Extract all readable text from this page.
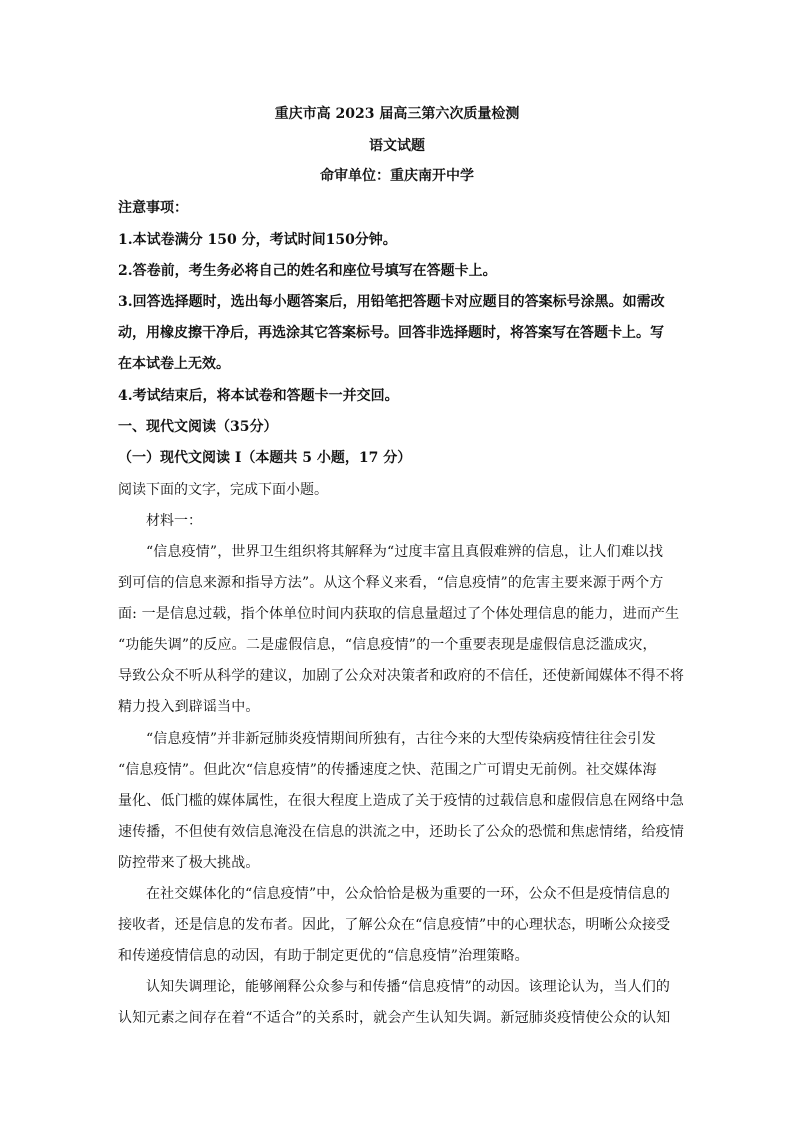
重庆市高 2023 届高三第六次质量检测
语文试题
命审单位：重庆南开中学
注意事项：
1.本试卷满分 150 分，考试时间150分钟。
2.答卷前，考生务必将自己的姓名和座位号填写在答题卡上。
3.回答选择题时，选出每小题答案后，用铅笔把答题卡对应题目的答案标号涂黑。如需改
动，用橡皮擦干净后，再选涂其它答案标号。回答非选择题时，将答案写在答题卡上。写
在本试卷上无效。
4.考试结束后，将本试卷和答题卡一并交回。
一、现代文阅读（35分）
（一）现代文阅读 I（本题共 5 小题，17 分）
阅读下面的文字，完成下面小题。
材料一：
“信息疫情”，世界卫生组织将其解释为“过度丰富且真假难辨的信息，让人们难以找
到可信的信息来源和指导方法”。从这个释义来看，“信息疫情”的危害主要来源于两个方
面: 一是信息过载，指个体单位时间内获取的信息量超过了个体处理信息的能力，进而产生
“功能失调”的反应。二是虚假信息，“信息疫情”的一个重要表现是虚假信息泛滥成灾，
导致公众不听从科学的建议，加剧了公众对决策者和政府的不信任，还使新闻媒体不得不将
精力投入到辟谣当中。
“信息疫情”并非新冠肺炎疫情期间所独有，古往今来的大型传染病疫情往往会引发
“信息疫情”。但此次“信息疫情”的传播速度之快、范围之广可谓史无前例。社交媒体海
量化、低门槛的媒体属性，在很大程度上造成了关于疫情的过载信息和虚假信息在网络中急
速传播，不但使有效信息淹没在信息的洪流之中，还助长了公众的恐慌和焦虑情绪，给疫情
防控带来了极大挑战。
在社交媒体化的“信息疫情”中，公众恰恰是极为重要的一环，公众不但是疫情信息的
接收者，还是信息的发布者。因此，了解公众在“信息疫情”中的心理状态，明晰公众接受
和传递疫情信息的动因，有助于制定更优的“信息疫情”治理策略。
认知失调理论，能够阐释公众参与和传播“信息疫情”的动因。该理论认为，当人们的
认知元素之间存在着“不适合”的关系时，就会产生认知失调。新冠肺炎疫情使公众的认知
